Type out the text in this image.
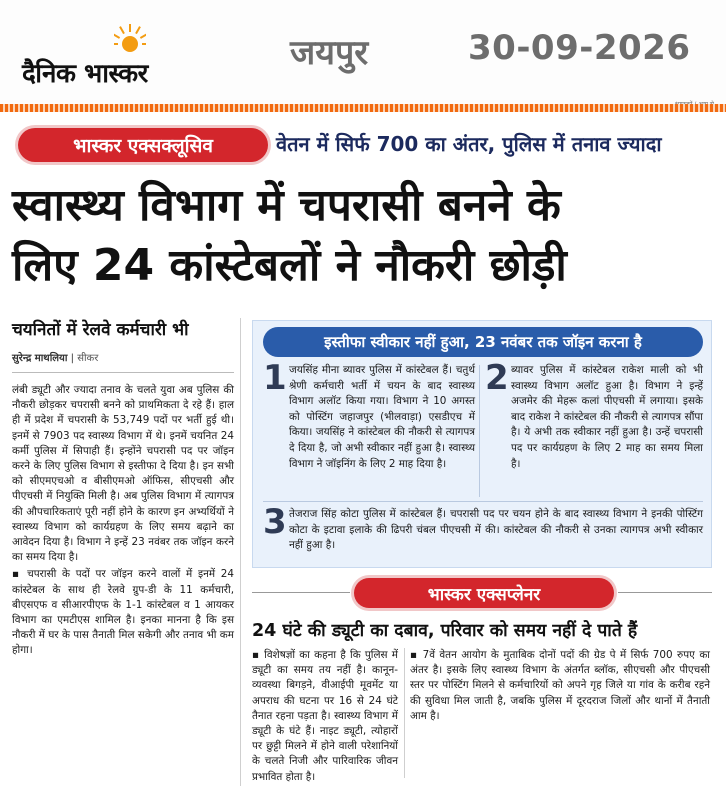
दैनिक भास्कर
जयपुर	30-09-2026
भास्कर एक्सक्लूसिव	वेतन में सिर्फ 700 का अंतर, पुलिस में तनाव ज्यादा
स्वास्थ्य विभाग में चपरासी बनने के
लिए 24 कांस्टेबलों ने नौकरी छोड़ी
चयनितों में रेलवे कर्मचारी भी
सुरेन्द्र माथलिया | सीकर

लंबी ड्यूटी और ज्यादा तनाव के चलते युवा अब पुलिस की नौकरी छोड़कर चपरासी बनने को प्राथमिकता दे रहे हैं। हाल ही में प्रदेश में चपरासी के 53,749 पदों पर भर्ती हुई थी। इनमें से 7903 पद स्वास्थ्य विभाग में थे। इनमें चयनित 24 कर्मी पुलिस में सिपाही हैं। इन्होंने चपरासी पद पर जॉइन करने के लिए पुलिस विभाग से इस्तीफा दे दिया है। इन सभी को सीएमएचओ व बीसीएमओ ऑफिस, सीएचसी और पीएचसी में नियुक्ति मिली है। अब पुलिस विभाग में त्यागपत्र की औपचारिकताएं पूरी नहीं होने के कारण इन अभ्यर्थियों ने स्वास्थ्य विभाग को कार्यग्रहण के लिए समय बढ़ाने का आवेदन दिया है। विभाग ने इन्हें 23 नवंबर तक जॉइन करने का समय दिया है।

▪ चपरासी के पदों पर जॉइन करने वालों में इनमें 24 कांस्टेबल के साथ ही रेलवे ग्रुप-डी के 11 कर्मचारी, बीएसएफ व सीआरपीएफ के 1-1 कांस्टेबल व 1 आयकर विभाग का एमटीएस शामिल है। इनका मानना है कि इस नौकरी में घर के पास तैनाती मिल सकेगी और तनाव भी कम होगा।

इस्तीफा स्वीकार नहीं हुआ, 23 नवंबर तक जॉइन करना है
1 जयसिंह मीना ब्यावर पुलिस में कांस्टेबल हैं। चतुर्थ श्रेणी कर्मचारी भर्ती में चयन के बाद स्वास्थ्य विभाग अलॉट किया गया। विभाग ने 10 अगस्त को पोस्टिंग जहाजपुर (भीलवाड़ा) एसडीएच में किया। जयसिंह ने कांस्टेबल की नौकरी से त्यागपत्र दे दिया है, जो अभी स्वीकार नहीं हुआ है। स्वास्थ्य विभाग ने जॉइनिंग के लिए 2 माह दिया है।
2 ब्यावर पुलिस में कांस्टेबल राकेश माली को भी स्वास्थ्य विभाग अलॉट हुआ है। विभाग ने इन्हें अजमेर की मेहरू कलां पीएचसी में लगाया। इसके बाद राकेश ने कांस्टेबल की नौकरी से त्यागपत्र सौंपा है। ये अभी तक स्वीकार नहीं हुआ है। उन्हें चपरासी पद पर कार्यग्रहण के लिए 2 माह का समय मिला है।
3 तेजराज सिंह कोटा पुलिस में कांस्टेबल हैं। चपरासी पद पर चयन होने के बाद स्वास्थ्य विभाग ने इनकी पोस्टिंग कोटा के इटावा इलाके की ढिपरी चंबल पीएचसी में की। कांस्टेबल की नौकरी से उनका त्यागपत्र अभी स्वीकार नहीं हुआ है।
भास्कर एक्सप्लेनर
24 घंटे की ड्यूटी का दबाव, परिवार को समय नहीं दे पाते हैं
▪ विशेषज्ञों का कहना है कि पुलिस में ड्यूटी का समय तय नहीं है। कानून-व्यवस्था बिगड़ने, वीआईपी मूवमेंट या अपराध की घटना पर 16 से 24 घंटे तैनात रहना पड़ता है। स्वास्थ्य विभाग में ड्यूटी के घंटे हैं। नाइट ड्यूटी, त्योहारों पर छुट्टी मिलने में होने वाली परेशानियों के चलते निजी और पारिवारिक जीवन प्रभावित होता है।
▪ 7वें वेतन आयोग के मुताबिक दोनों पदों की ग्रेड पे में सिर्फ 700 रुपए का अंतर है। इसके लिए स्वास्थ्य विभाग के अंतर्गत ब्लॉक, सीएचसी और पीएचसी स्तर पर पोस्टिंग मिलने से कर्मचारियों को अपने गृह जिले या गांव के करीब रहने की सुविधा मिल जाती है, जबकि पुलिस में दूरदराज जिलों और थानों में तैनाती आम है।
